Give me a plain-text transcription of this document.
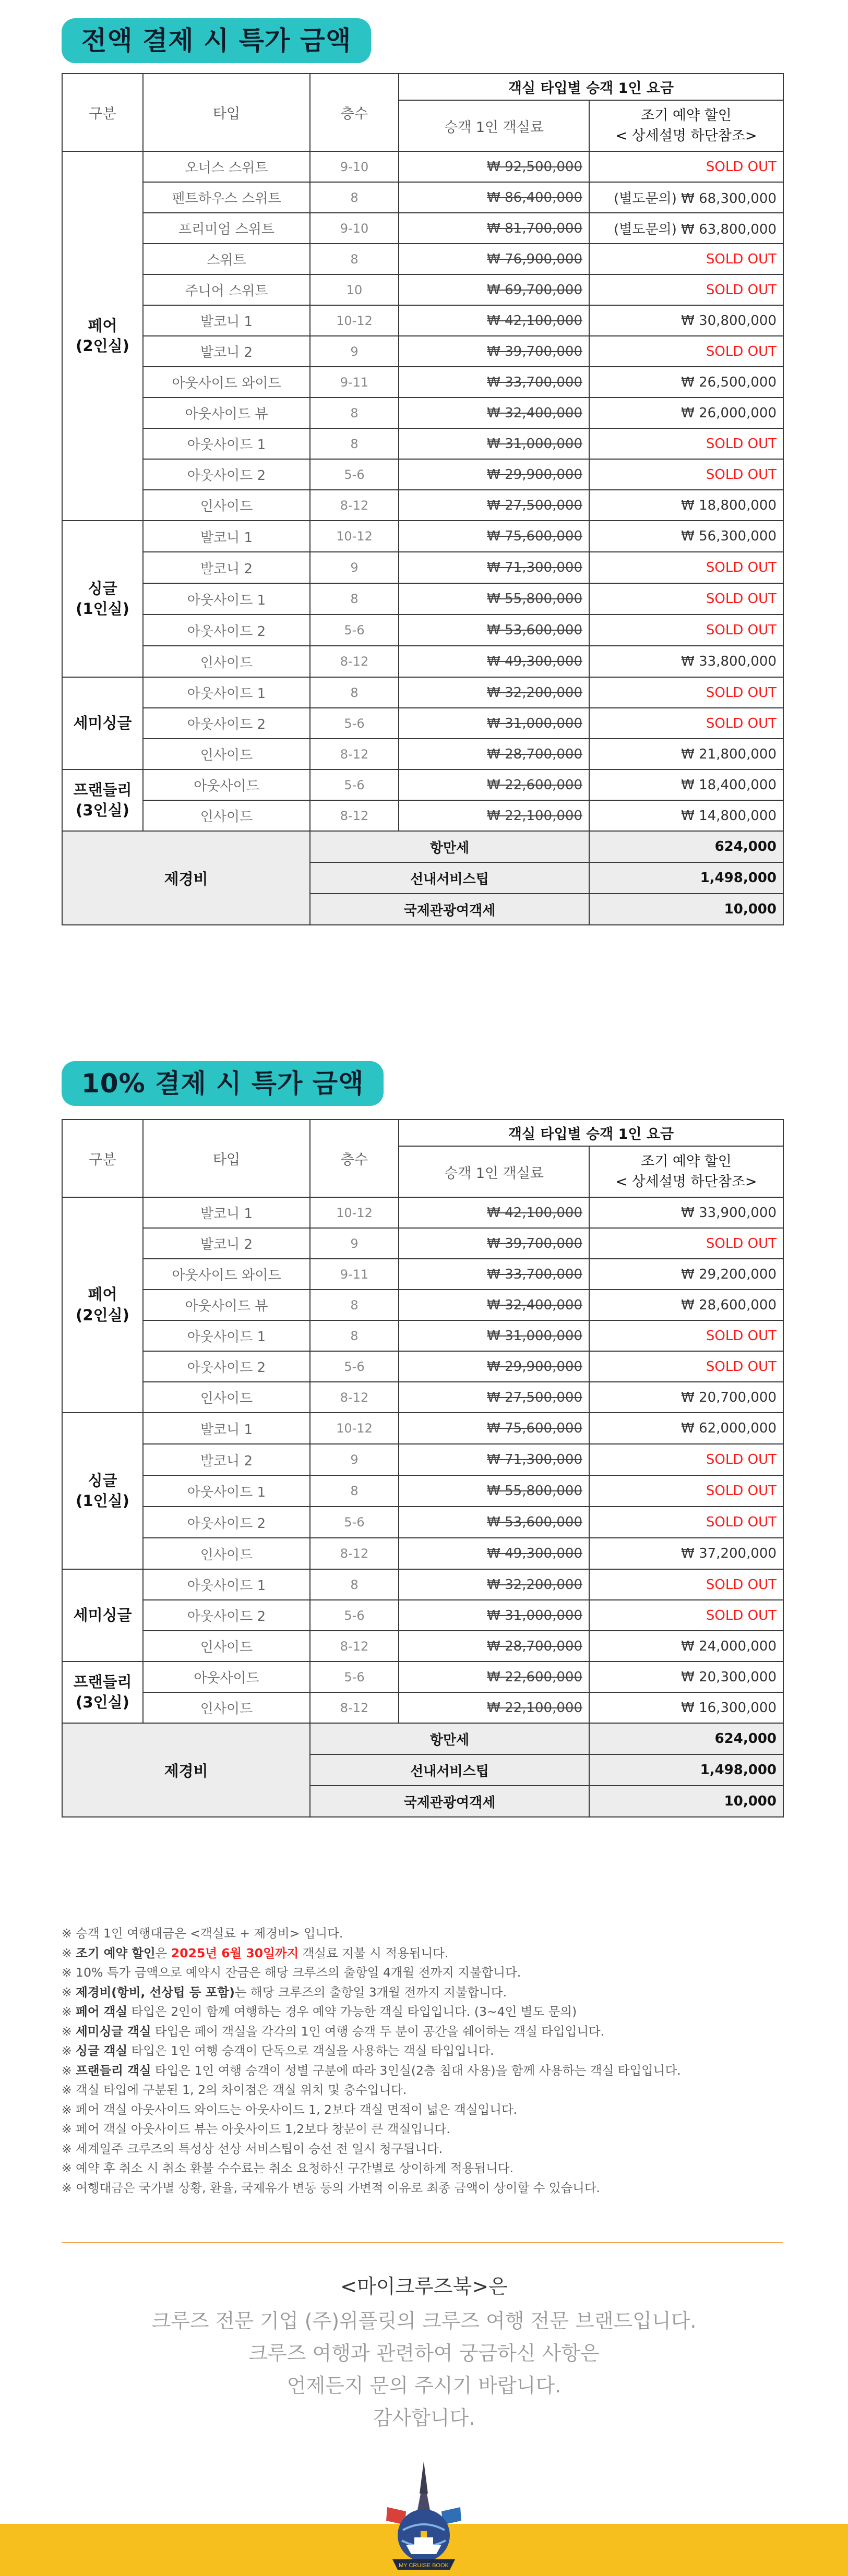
전액 결제 시 특가 금액
구분	타입	층수	객실 타입별 승객 1인 요금	
			승객 1인 객실료	조기 예약 할인
< 상세설명 하단참조>

페어
(2인실)	오너스 스위트	9-10	₩ 92,500,000	SOLD OUT
	펜트하우스 스위트	8	₩ 86,400,000	(별도문의) ₩ 68,300,000
	프리미엄 스위트	9-10	₩ 81,700,000	(별도문의) ₩ 63,800,000
	스위트	8	₩ 76,900,000	SOLD OUT
	주니어 스위트	10	₩ 69,700,000	SOLD OUT
	발코니 1	10-12	₩ 42,100,000	₩ 30,800,000
	발코니 2	9	₩ 39,700,000	SOLD OUT
	아웃사이드 와이드	9-11	₩ 33,700,000	₩ 26,500,000
	아웃사이드 뷰	8	₩ 32,400,000	₩ 26,000,000
	아웃사이드 1	8	₩ 31,000,000	SOLD OUT
	아웃사이드 2	5-6	₩ 29,900,000	SOLD OUT
	인사이드	8-12	₩ 27,500,000	₩ 18,800,000

싱글
(1인실)	발코니 1	10-12	₩ 75,600,000	₩ 56,300,000
	발코니 2	9	₩ 71,300,000	SOLD OUT
	아웃사이드 1	8	₩ 55,800,000	SOLD OUT
	아웃사이드 2	5-6	₩ 53,600,000	SOLD OUT
	인사이드	8-12	₩ 49,300,000	₩ 33,800,000

세미싱글	아웃사이드 1	8	₩ 32,200,000	SOLD OUT
	아웃사이드 2	5-6	₩ 31,000,000	SOLD OUT
	인사이드	8-12	₩ 28,700,000	₩ 21,800,000

프랜들리
(3인실)	아웃사이드	5-6	₩ 22,600,000	₩ 18,400,000
	인사이드	8-12	₩ 22,100,000	₩ 14,800,000
제경비		항만세		624,000
		선내서비스팁		1,498,000
		국제관광여객세		10,000
10% 결제 시 특가 금액
구분	타입	층수	객실 타입별 승객 1인 요금	
			승객 1인 객실료	조기 예약 할인
< 상세설명 하단참조>

페어
(2인실)	발코니 1	10-12	₩ 42,100,000	₩ 33,900,000
	발코니 2	9	₩ 39,700,000	SOLD OUT
	아웃사이드 와이드	9-11	₩ 33,700,000	₩ 29,200,000
	아웃사이드 뷰	8	₩ 32,400,000	₩ 28,600,000
	아웃사이드 1	8	₩ 31,000,000	SOLD OUT
	아웃사이드 2	5-6	₩ 29,900,000	SOLD OUT
	인사이드	8-12	₩ 27,500,000	₩ 20,700,000

싱글
(1인실)	발코니 1	10-12	₩ 75,600,000	₩ 62,000,000
	발코니 2	9	₩ 71,300,000	SOLD OUT
	아웃사이드 1	8	₩ 55,800,000	SOLD OUT
	아웃사이드 2	5-6	₩ 53,600,000	SOLD OUT
	인사이드	8-12	₩ 49,300,000	₩ 37,200,000

세미싱글	아웃사이드 1	8	₩ 32,200,000	SOLD OUT
	아웃사이드 2	5-6	₩ 31,000,000	SOLD OUT
	인사이드	8-12	₩ 28,700,000	₩ 24,000,000

프랜들리
(3인실)	아웃사이드	5-6	₩ 22,600,000	₩ 20,300,000
	인사이드	8-12	₩ 22,100,000	₩ 16,300,000
제경비		항만세		624,000
		선내서비스팁		1,498,000
		국제관광여객세		10,000
※ 승객 1인 여행대금은 <객실료 + 제경비> 입니다.
※ 조기 예약 할인은 2025년 6월 30일까지 객실료 지불 시 적용됩니다.
※ 10% 특가 금액으로 예약시 잔금은 해당 크루즈의 출항일 4개월 전까지 지불합니다.
※ 제경비(항비, 선상팁 등 포함)는 해당 크루즈의 출항일 3개월 전까지 지불합니다.
※ 페어 객실 타입은 2인이 함께 여행하는 경우 예약 가능한 객실 타입입니다. (3~4인 별도 문의)
※ 세미싱글 객실 타입은 페어 객실을 각각의 1인 여행 승객 두 분이 공간을 쉐어하는 객실 타입입니다.
※ 싱글 객실 타입은 1인 여행 승객이 단독으로 객실을 사용하는 객실 타입입니다.
※ 프랜들리 객실 타입은 1인 여행 승객이 성별 구분에 따라 3인실(2층 침대 사용)을 함께 사용하는 객실 타입입니다.
※ 객실 타입에 구분된 1, 2의 차이점은 객실 위치 및 층수입니다.
※ 페어 객실 아웃사이드 와이드는 아웃사이드 1, 2보다 객실 면적이 넓은 객실입니다.
※ 페어 객실 아웃사이드 뷰는 아웃사이드 1,2보다 창문이 큰 객실입니다.
※ 세계일주 크루즈의 특성상 선상 서비스팁이 승선 전 일시 청구됩니다.
※ 예약 후 취소 시 취소 환불 수수료는 취소 요청하신 구간별로 상이하게 적용됩니다.
※ 여행대금은 국가별 상황, 환율, 국제유가 변동 등의 가변적 이유로 최종 금액이 상이할 수 있습니다.
<마이크루즈북>은
크루즈 전문 기업 (주)위플릿의 크루즈 여행 전문 브랜드입니다.
크루즈 여행과 관련하여 궁금하신 사항은
언제든지 문의 주시기 바랍니다.
감사합니다.
MY CRUISE BOOK
